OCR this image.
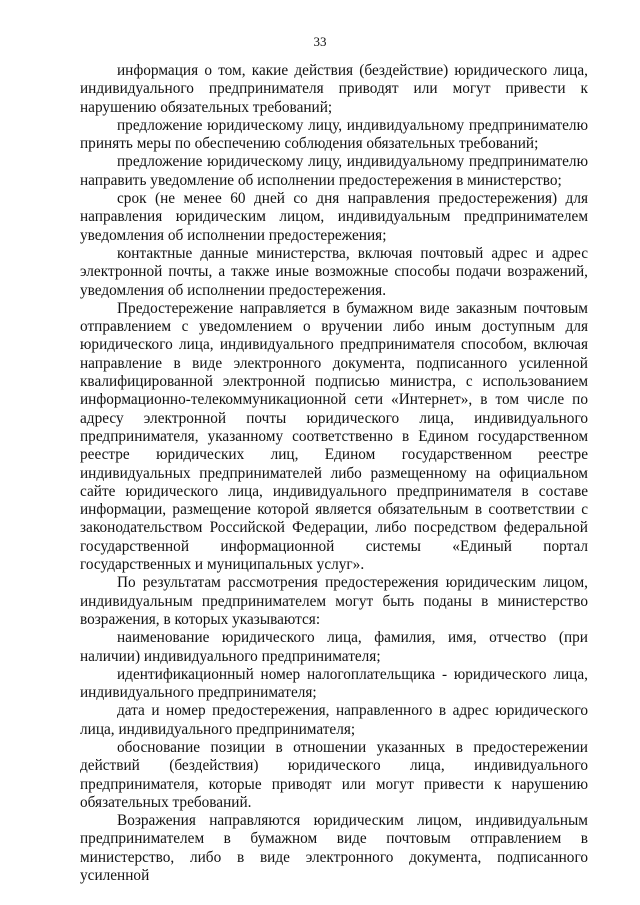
33

информация о том, какие действия (бездействие) юридического лица, индивидуального предпринимателя приводят или могут привести к нарушению обязательных требований;

предложение юридическому лицу, индивидуальному предпринимателю принять меры по обеспечению соблюдения обязательных требований;

предложение юридическому лицу, индивидуальному предпринимателю направить уведомление об исполнении предостережения в министерство;

срок (не менее 60 дней со дня направления предостережения) для направления юридическим лицом, индивидуальным предпринимателем уведомления об исполнении предостережения;

контактные данные министерства, включая почтовый адрес и адрес электронной почты, а также иные возможные способы подачи возражений, уведомления об исполнении предостережения.

Предостережение направляется в бумажном виде заказным почтовым отправлением с уведомлением о вручении либо иным доступным для юридического лица, индивидуального предпринимателя способом, включая направление в виде электронного документа, подписанного усиленной квалифицированной электронной подписью министра, с использованием информационно-телекоммуникационной сети «Интернет», в том числе по адресу электронной почты юридического лица, индивидуального предпринимателя, указанному соответственно в Едином государственном реестре юридических лиц, Едином государственном реестре индивидуальных предпринимателей либо размещенному на официальном сайте юридического лица, индивидуального предпринимателя в составе информации, размещение которой является обязательным в соответствии с законодательством Российской Федерации, либо посредством федеральной государственной информационной системы «Единый портал государственных и муниципальных услуг».

По результатам рассмотрения предостережения юридическим лицом, индивидуальным предпринимателем могут быть поданы в министерство возражения, в которых указываются:

наименование юридического лица, фамилия, имя, отчество (при наличии) индивидуального предпринимателя;

идентификационный номер налогоплательщика - юридического лица, индивидуального предпринимателя;

дата и номер предостережения, направленного в адрес юридического лица, индивидуального предпринимателя;

обоснование позиции в отношении указанных в предостережении действий (бездействия) юридического лица, индивидуального предпринимателя, которые приводят или могут привести к нарушению обязательных требований.

Возражения направляются юридическим лицом, индивидуальным предпринимателем в бумажном виде почтовым отправлением в министерство, либо в виде электронного документа, подписанного усиленной
